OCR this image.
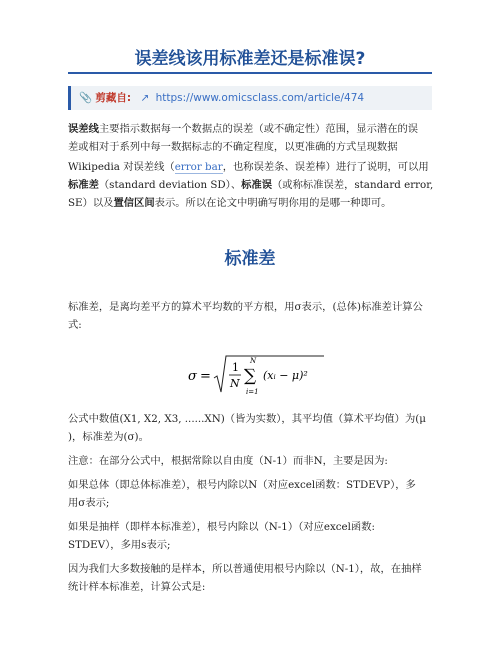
误差线该用标准差还是标准误?
📎 剪藏自: ↗ https://www.omicsclass.com/article/474
误差线主要指示数据每一个数据点的误差（或不确定性）范围，显示潜在的误
差或相对于系列中每一数据标志的不确定程度，以更准确的方式呈现数据
Wikipedia 对误差线（error bar，也称误差条、误差棒）进行了说明，可以用
标准差（standard deviation SD）、标准误（或称标准误差，standard error,
SE）以及置信区间表示。所以在论文中明确写明你用的是哪一种即可。
标准差
标准差，是离均差平方的算术平均数的平方根，用σ表示，(总体)标准差计算公
式:
σ =
1
N
N
∑
i=1
(xᵢ − μ)²
公式中数值(X1, X2, X3, ......XN)（皆为实数），其平均值（算术平均值）为(μ
)，标准差为(σ)。
注意：在部分公式中，根据常除以自由度（N-1）而非N，主要是因为:
如果总体（即总体标准差），根号内除以N（对应excel函数：STDEVP），多
用σ表示;
如果是抽样（即样本标准差），根号内除以（N-1）（对应excel函数:
STDEV），多用s表示;
因为我们大多数接触的是样本，所以普通使用根号内除以（N-1），故，在抽样
统计样本标准差，计算公式是:
